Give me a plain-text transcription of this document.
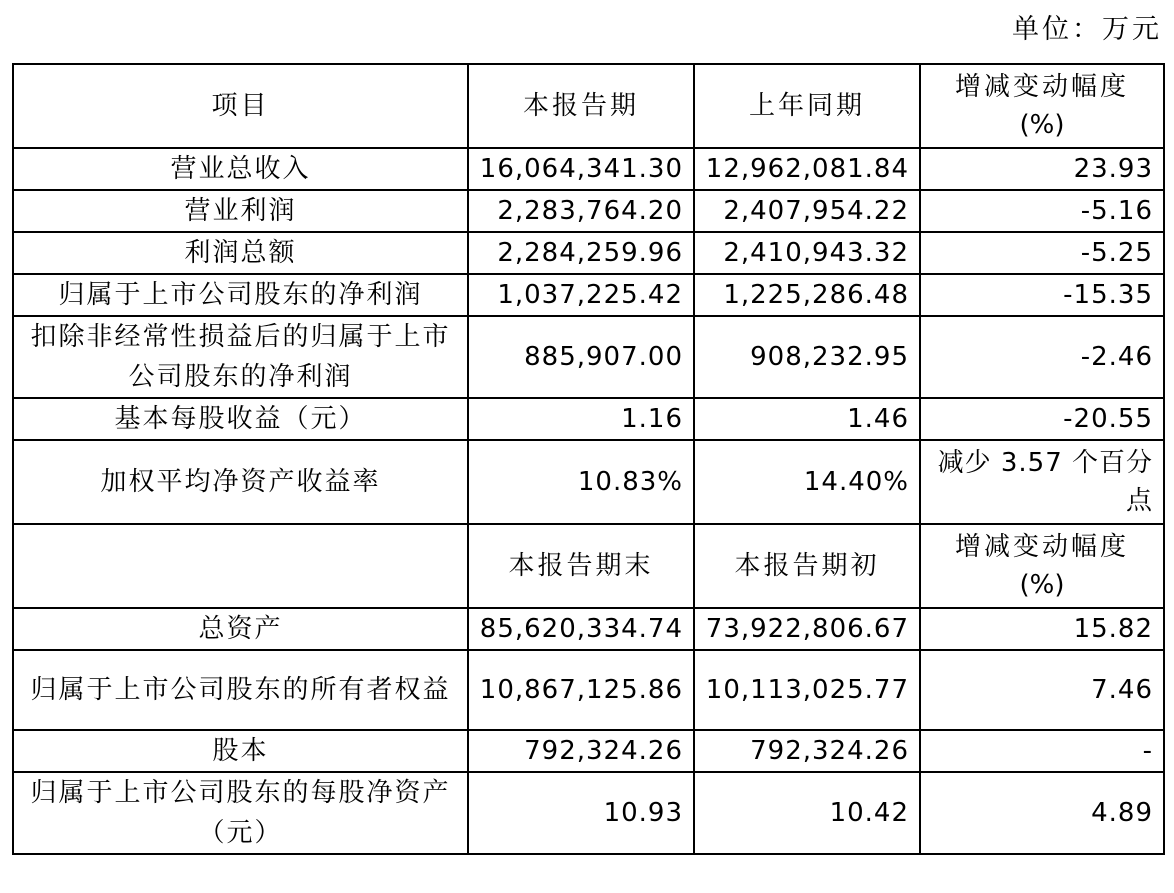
单位：万元
项目	本报告期	上年同期	增减变动幅度
(%)

营业总收入	16,064,341.30	12,962,081.84	23.93
营业利润	2,283,764.20	2,407,954.22	-5.16
利润总额	2,284,259.96	2,410,943.32	-5.25
归属于上市公司股东的净利润	1,037,225.42	1,225,286.48	-15.35
扣除非经常性损益后的归属于上市公司股东的净利润	885,907.00	908,232.95	-2.46
基本每股收益（元）	1.16	1.46	-20.55
加权平均净资产收益率	10.83%	14.40%	减少 3.57 个百分点
	本报告期末	本报告期初	增减变动幅度
(%)

总资产	85,620,334.74	73,922,806.67	15.82
归属于上市公司股东的所有者权益	10,867,125.86	10,113,025.77	7.46
股本	792,324.26	792,324.26	-
归属于上市公司股东的每股净资产（元）	10.93	10.42	4.89
